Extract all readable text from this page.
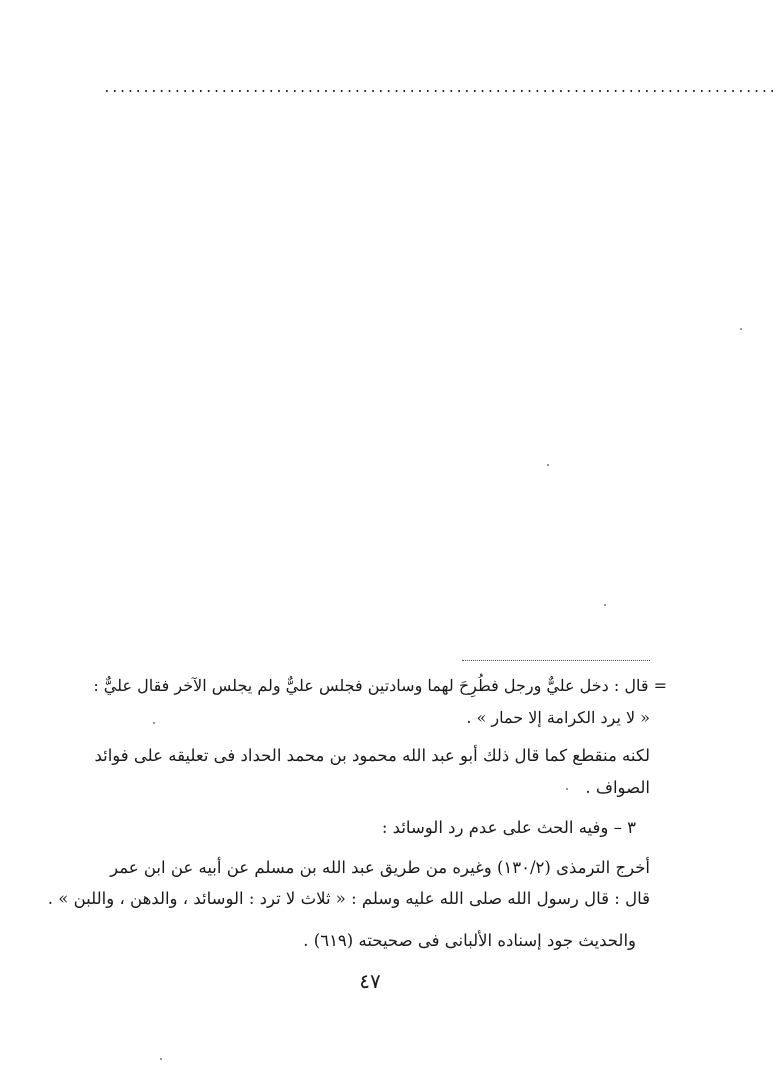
......................................................................................
= قال : دخل عليٌّ ورجل فطُرِحَ لهما وسادتين فجلس عليٌّ ولم يجلس الآخر فقال عليٌّ :
« لا يرد الكرامة إلا حمار » .
لكنه منقطع كما قال ذلك أبو عبد الله محمود بن محمد الحداد فى تعليقه على فوائد
الصواف .
٣ – وفيه الحث على عدم رد الوسائد :
أخرج الترمذى (١٣٠/٢) وغيره من طريق عبد الله بن مسلم عن أبيه عن ابن عمر
قال : قال رسول الله صلى الله عليه وسلم : « ثلاث لا ترد : الوسائد ، والدهن ، واللبن » .
والحديث جود إسناده الألبانى فى صحيحته (٦١٩) .
٤٧
